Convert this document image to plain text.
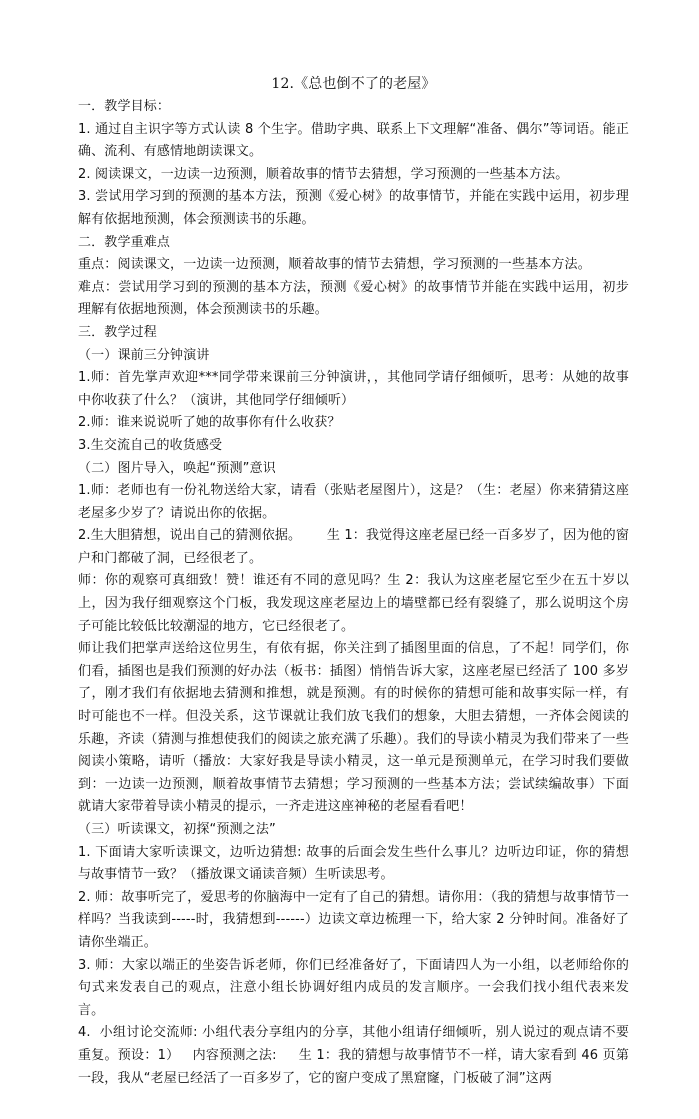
12.《总也倒不了的老屋》

一．教学目标：

1. 通过自主识字等方式认读 8 个生字。借助字典、联系上下文理解“准备、偶尔”等词语。能正确、流利、有感情地朗读课文。

2. 阅读课文，一边读一边预测，顺着故事的情节去猜想，学习预测的一些基本方法。

3. 尝试用学习到的预测的基本方法，预测《爱心树》的故事情节，并能在实践中运用，初步理解有依据地预测，体会预测读书的乐趣。

二．教学重难点

重点：阅读课文，一边读一边预测，顺着故事的情节去猜想，学习预测的一些基本方法。

难点：尝试用学习到的预测的基本方法，预测《爱心树》的故事情节并能在实践中运用，初步理解有依据地预测，体会预测读书的乐趣。

三．教学过程

（一）课前三分钟演讲

1.师：首先掌声欢迎***同学带来课前三分钟演讲，，其他同学请仔细倾听，思考：从她的故事中你收获了什么？（演讲，其他同学仔细倾听）

2.师：谁来说说听了她的故事你有什么收获？

3.生交流自己的收货感受

（二）图片导入，唤起“预测”意识

1.师：老师也有一份礼物送给大家，请看（张贴老屋图片），这是？（生：老屋）你来猜猜这座老屋多少岁了？请说出你的依据。

2.生大胆猜想，说出自己的猜测依据。      生 1：我觉得这座老屋已经一百多岁了，因为他的窗户和门都破了洞，已经很老了。

师：你的观察可真细致！赞！谁还有不同的意见吗？生 2：我认为这座老屋它至少在五十岁以上，因为我仔细观察这个门板，我发现这座老屋边上的墙壁都已经有裂缝了，那么说明这个房子可能比较低比较潮湿的地方，它已经很老了。

师让我们把掌声送给这位男生，有依有据，你关注到了插图里面的信息，了不起！同学们，你们看，插图也是我们预测的好办法（板书：插图）悄悄告诉大家，这座老屋已经活了 100 多岁了，刚才我们有依据地去猜测和推想，就是预测。有的时候你的猜想可能和故事实际一样，有时可能也不一样。但没关系，这节课就让我们放飞我们的想象，大胆去猜想，一齐体会阅读的乐趣，齐读（猜测与推想使我们的阅读之旅充满了乐趣）。我们的导读小精灵为我们带来了一些阅读小策略，请听（播放：大家好我是导读小精灵，这一单元是预测单元，在学习时我们要做到：一边读一边预测，顺着故事情节去猜想；学习预测的一些基本方法；尝试续编故事）下面就请大家带着导读小精灵的提示，一齐走进这座神秘的老屋看看吧！

（三）听读课文，初探“预测之法”

1. 下面请大家听读课文，边听边猜想: 故事的后面会发生些什么事儿？边听边印证，你的猜想与故事情节一致？（播放课文诵读音频）生听读思考。

2. 师：故事听完了，爱思考的你脑海中一定有了自己的猜想。请你用：（我的猜想与故事情节一样吗？当我读到-----时，我猜想到------）边读文章边梳理一下，给大家 2 分钟时间。准备好了请你坐端正。

3. 师：大家以端正的坐姿告诉老师，你们已经准备好了，下面请四人为一小组，以老师给你的句式来发表自己的观点，注意小组长协调好组内成员的发言顺序。一会我们找小组代表来发言。

4.  小组讨论交流师: 小组代表分享组内的分享，其他小组请仔细倾听，别人说过的观点请不要重复。预设：1）   内容预测之法:     生 1：我的猜想与故事情节不一样，请大家看到 46 页第一段，我从“老屋已经活了一百多岁了，它的窗户变成了黑窟窿，门板破了洞”这两
